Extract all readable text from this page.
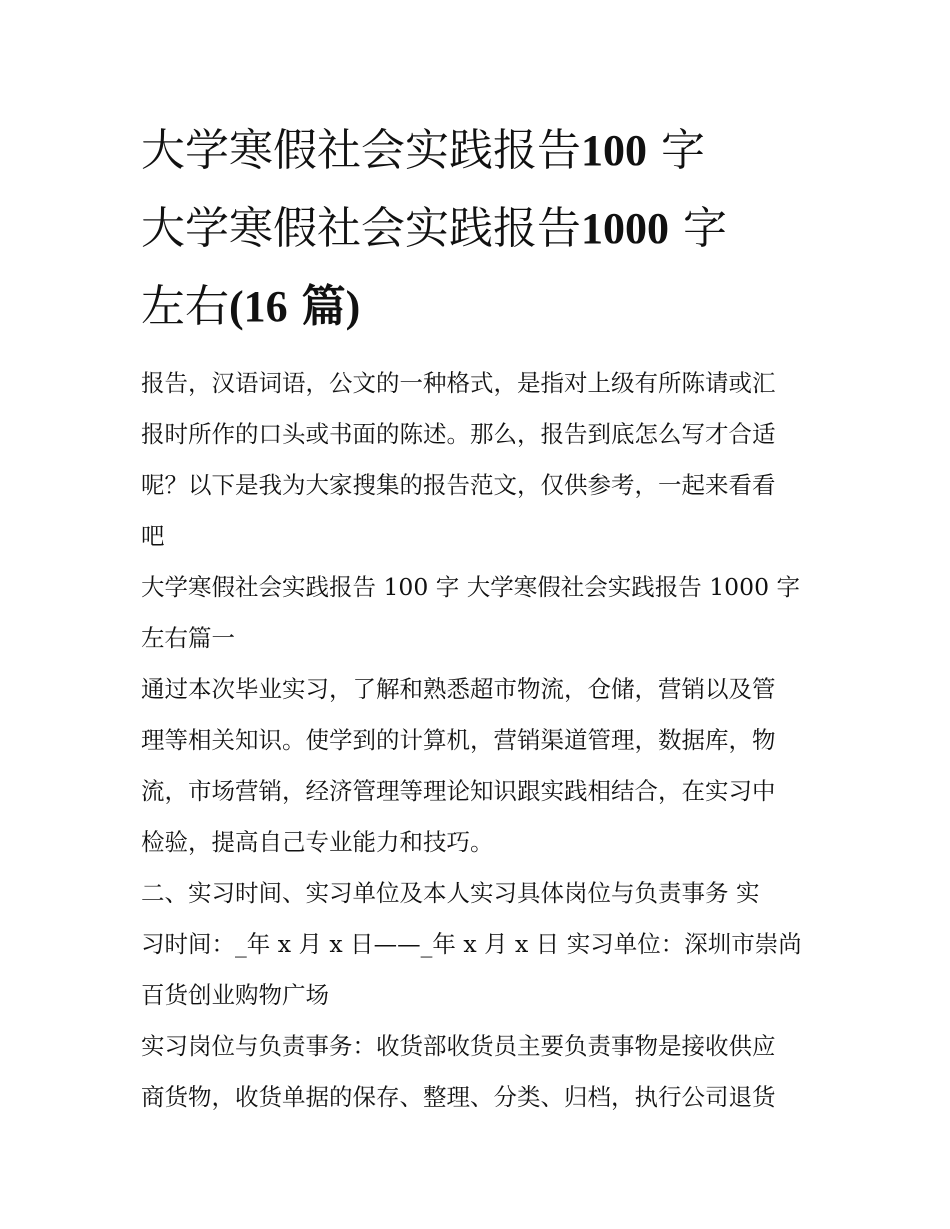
大学寒假社会实践报告100 字
大学寒假社会实践报告1000 字
左右(16 篇)

报告，汉语词语，公文的一种格式，是指对上级有所陈请或汇
报时所作的口头或书面的陈述。那么，报告到底怎么写才合适
呢？以下是我为大家搜集的报告范文，仅供参考，一起来看看
吧

大学寒假社会实践报告 100 字 大学寒假社会实践报告 1000 字
左右篇一

通过本次毕业实习，了解和熟悉超市物流，仓储，营销以及管
理等相关知识。使学到的计算机，营销渠道管理，数据库，物
流，市场营销，经济管理等理论知识跟实践相结合，在实习中
检验，提高自己专业能力和技巧。

二、实习时间、实习单位及本人实习具体岗位与负责事务 实
习时间：_年 x 月 x 日——_年 x 月 x 日 实习单位：深圳市崇尚
百货创业购物广场

实习岗位与负责事务：收货部收货员主要负责事物是接收供应
商货物，收货单据的保存、整理、分类、归档，执行公司退货
